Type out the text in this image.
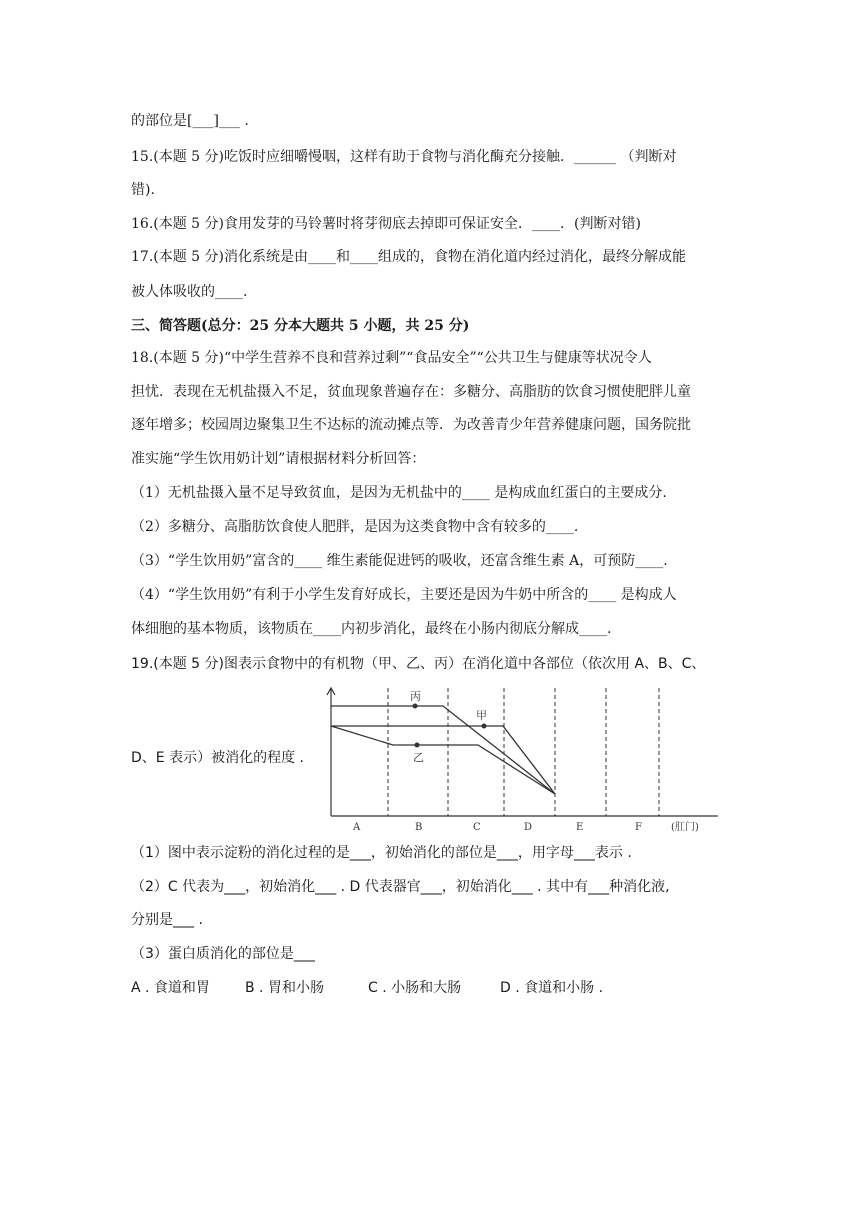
的部位是[___]___ .
15.(本题 5 分)吃饭时应细嚼慢咽，这样有助于食物与消化酶充分接触．______ （判断对
错).
16.(本题 5 分)食用发芽的马铃薯时将芽彻底去掉即可保证安全．____．(判断对错)
17.(本题 5 分)消化系统是由____和____组成的，食物在消化道内经过消化，最终分解成能
被人体吸收的____.
三、简答题(总分：25 分本大题共 5 小题，共 25 分)
18.(本题 5 分)“中学生营养不良和营养过剩”“食品安全”“公共卫生与健康等状况令人
担忧．表现在无机盐摄入不足，贫血现象普遍存在：多糖分、高脂肪的饮食习惯使肥胖儿童
逐年增多；校园周边聚集卫生不达标的流动摊点等．为改善青少年营养健康问题，国务院批
准实施“学生饮用奶计划”请根据材料分析回答：
（1）无机盐摄入量不足导致贫血，是因为无机盐中的____ 是构成血红蛋白的主要成分.
（2）多糖分、高脂肪饮食使人肥胖，是因为这类食物中含有较多的____.
（3）“学生饮用奶”富含的____ 维生素能促进钙的吸收，还富含维生素 A，可预防____.
（4）“学生饮用奶”有利于小学生发育好成长，主要还是因为牛奶中所含的____ 是构成人
体细胞的基本物质，该物质在____内初步消化，最终在小肠内彻底分解成____.
19.(本题 5 分)图表示食物中的有机物（甲、乙、丙）在消化道中各部位（依次用 A、B、C、
D、E 表示）被消化的程度 .
丙
甲
乙
A	B	C	D	E	F	(肛门)
（1）图中表示淀粉的消化过程的是___，初始消化的部位是___，用字母___表示 .
（2）C 代表为___，初始消化___ . D 代表器官___，初始消化___ . 其中有___种消化液,
分别是___ .
（3）蛋白质消化的部位是___
A . 食道和胃	B . 胃和小肠	C . 小肠和大肠	D . 食道和小肠 .
